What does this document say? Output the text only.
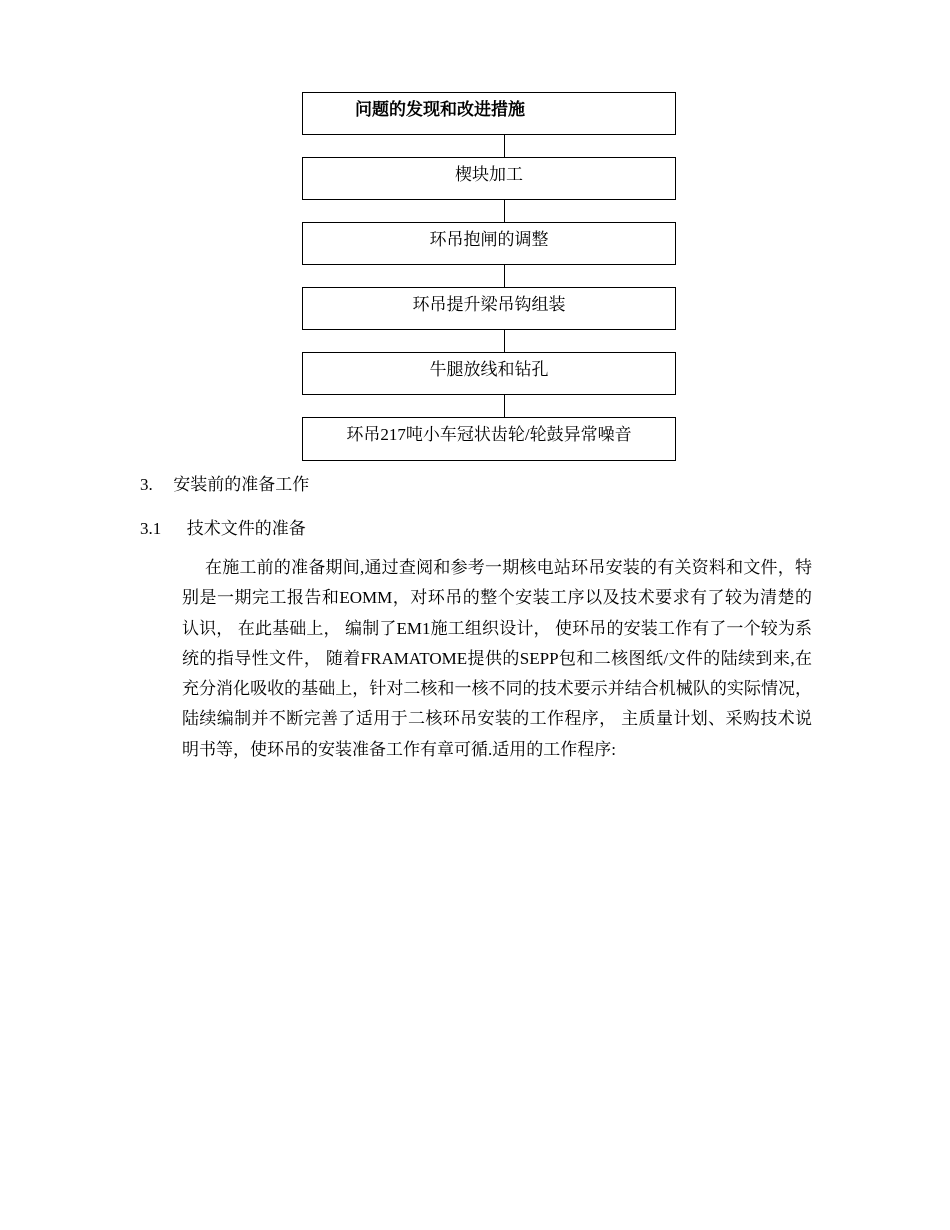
问题的发现和改进措施
楔块加工
环吊抱闸的调整
环吊提升梁吊钩组装
牛腿放线和钻孔
环吊217吨小车冠状齿轮/轮鼓异常噪音
3. 安装前的准备工作
3.1 技术文件的准备
在施工前的准备期间,通过查阅和参考一期核电站环吊安装的有关资料和文件，特别是一期完工报告和EOMM，对环吊的整个安装工序以及技术要求有了较为清楚的认识， 在此基础上， 编制了EM1施工组织设计， 使环吊的安装工作有了一个较为系统的指导性文件， 随着FRAMATOME提供的SEPP包和二核图纸/文件的陆续到来,在充分消化吸收的基础上，针对二核和一核不同的技术要示并结合机械队的实际情况，陆续编制并不断完善了适用于二核环吊安装的工作程序， 主质量计划、采购技术说明书等，使环吊的安装准备工作有章可循.适用的工作程序:
